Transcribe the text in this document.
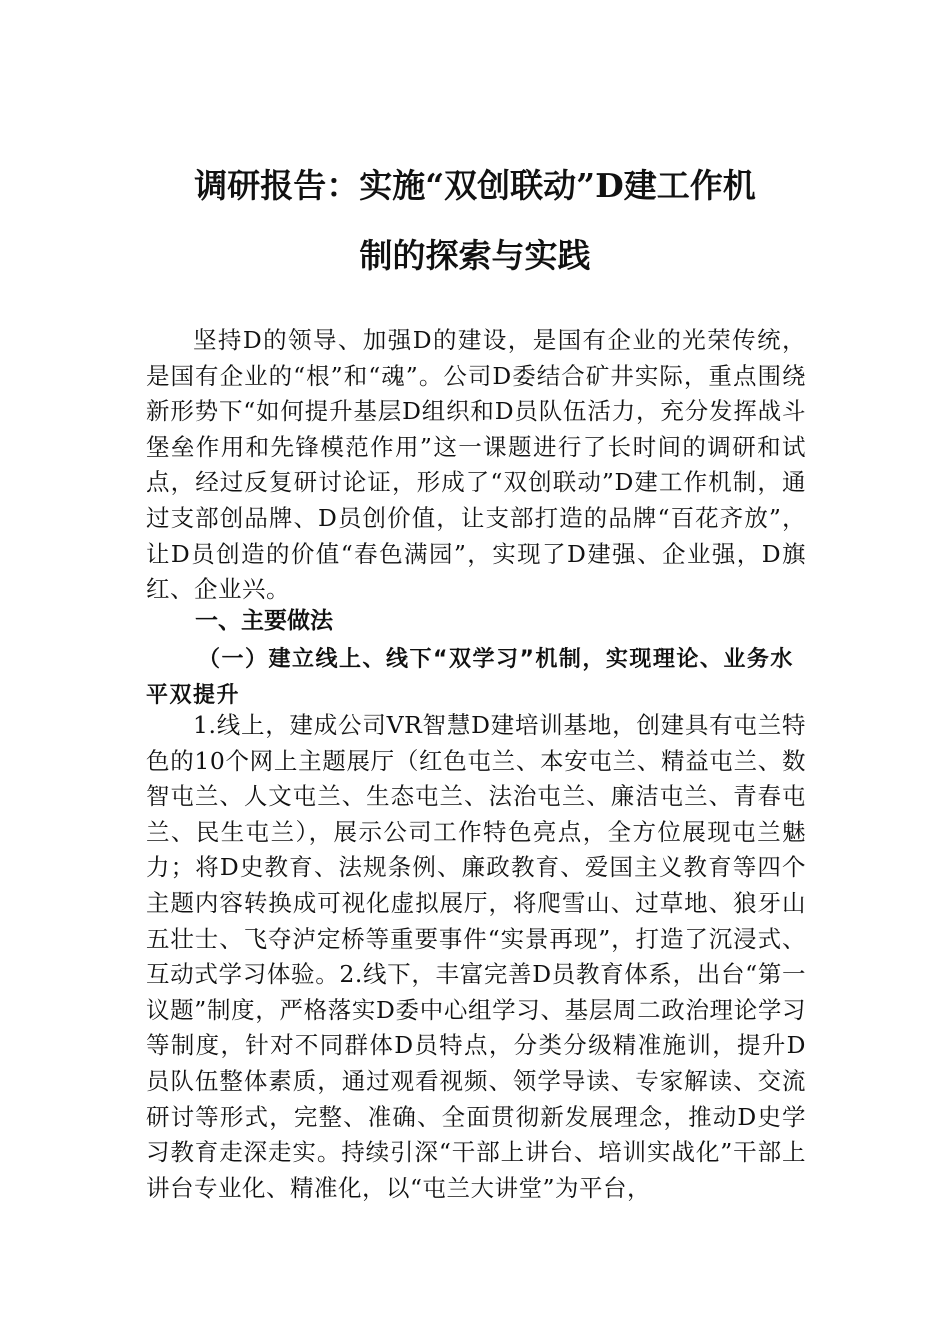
调研报告：实施“双创联动”D建工作机
制的探索与实践

坚持D的领导、加强D的建设，是国有企业的光荣传统，是国有企业的“根”和“魂”。公司D委结合矿井实际，重点围绕新形势下“如何提升基层D组织和D员队伍活力，充分发挥战斗堡垒作用和先锋模范作用”这一课题进行了长时间的调研和试点，经过反复研讨论证，形成了“双创联动”D建工作机制，通过支部创品牌、D员创价值，让支部打造的品牌“百花齐放”，让D员创造的价值“春色满园”，实现了D建强、企业强，D旗红、企业兴。

一、主要做法
（一）建立线上、线下“双学习”机制，实现理论、业务水平双提升

1.线上，建成公司VR智慧D建培训基地，创建具有屯兰特色的10个网上主题展厅（红色屯兰、本安屯兰、精益屯兰、数智屯兰、人文屯兰、生态屯兰、法治屯兰、廉洁屯兰、青春屯兰、民生屯兰），展示公司工作特色亮点，全方位展现屯兰魅力；将D史教育、法规条例、廉政教育、爱国主义教育等四个主题内容转换成可视化虚拟展厅，将爬雪山、过草地、狼牙山五壮士、飞夺泸定桥等重要事件“实景再现”，打造了沉浸式、互动式学习体验。2.线下，丰富完善D员教育体系，出台“第一议题”制度，严格落实D委中心组学习、基层周二政治理论学习等制度，针对不同群体D员特点，分类分级精准施训，提升D员队伍整体素质，通过观看视频、领学导读、专家解读、交流研讨等形式，完整、准确、全面贯彻新发展理念，推动D史学习教育走深走实。持续引深“干部上讲台、培训实战化”干部上讲台专业化、精准化，以“屯兰大讲堂”为平台，
